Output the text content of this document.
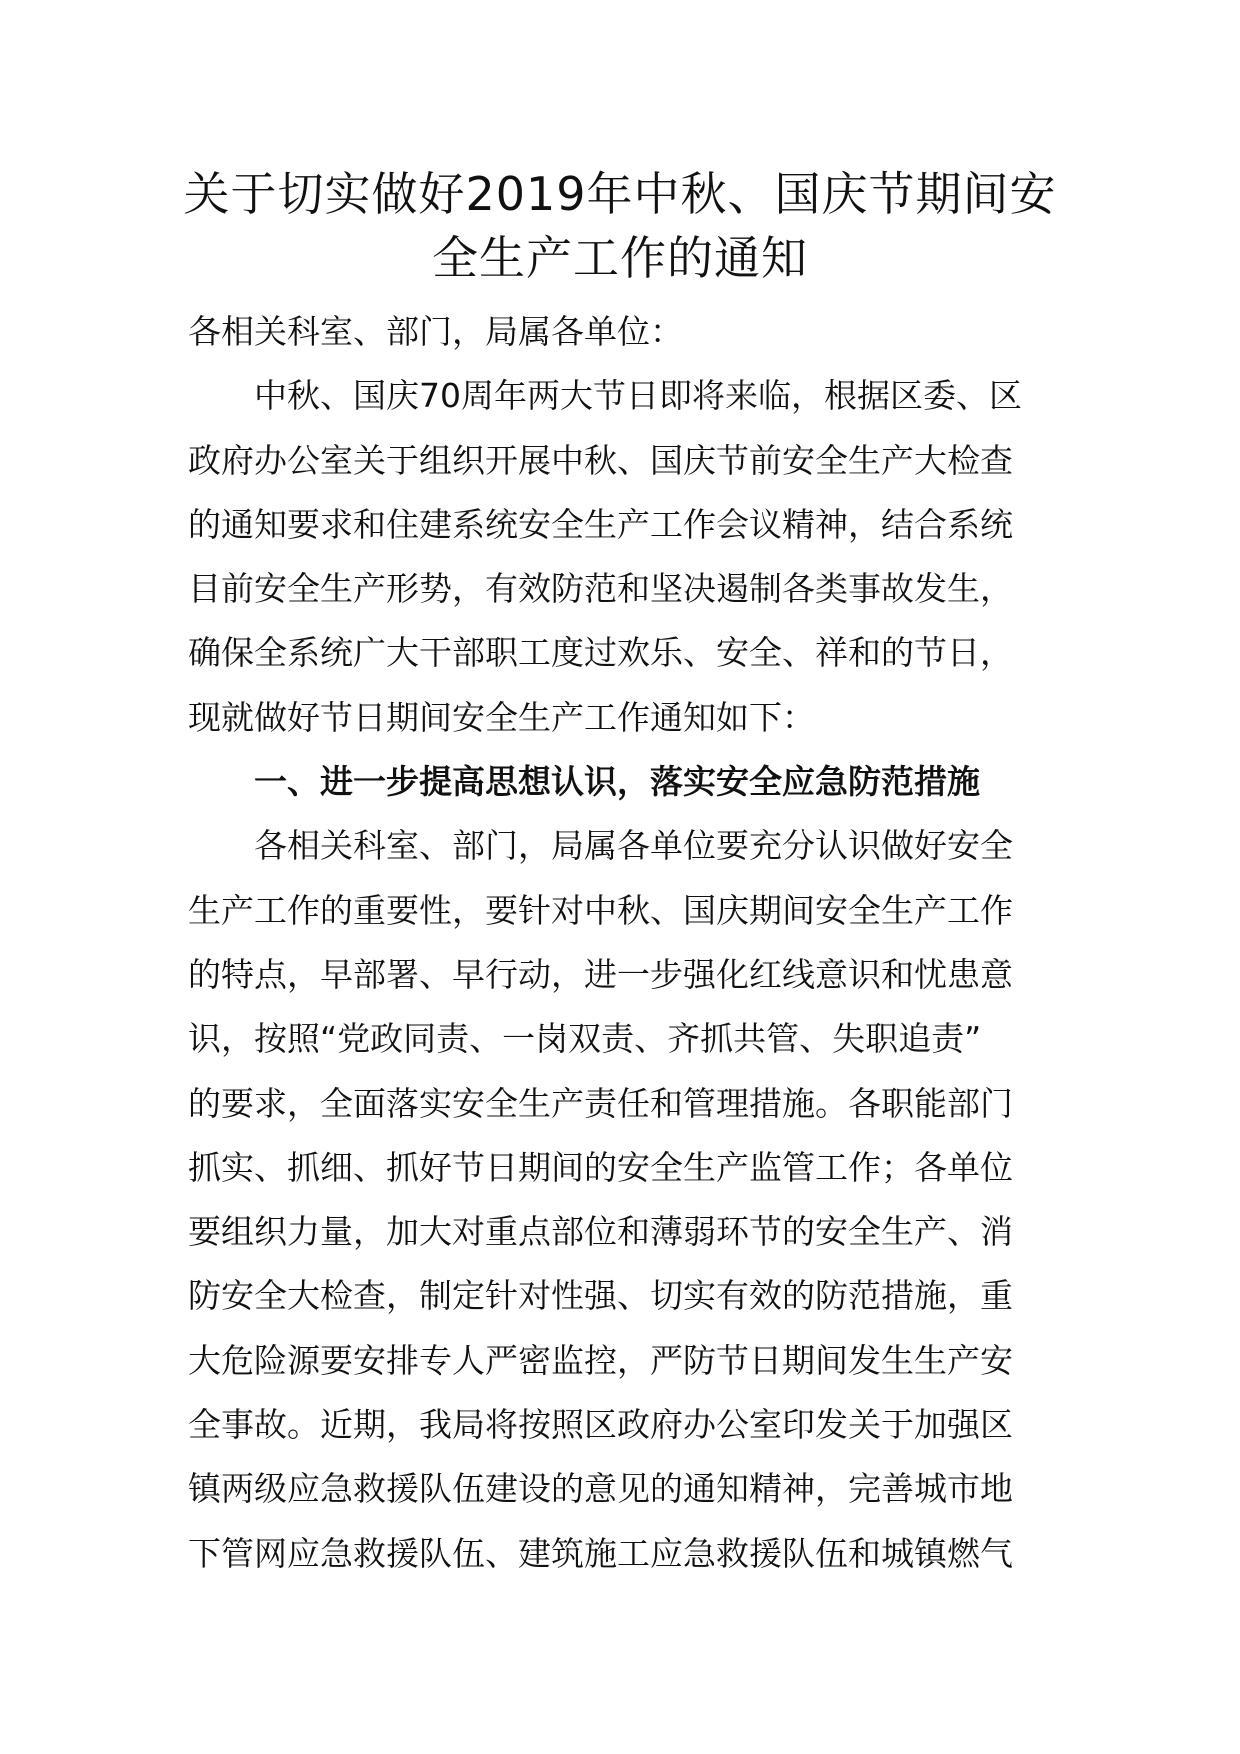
关于切实做好2019年中秋、国庆节期间安
全生产工作的通知
各相关科室、部门，局属各单位：
中秋、国庆70周年两大节日即将来临，根据区委、区
政府办公室关于组织开展中秋、国庆节前安全生产大检查
的通知要求和住建系统安全生产工作会议精神，结合系统
目前安全生产形势，有效防范和坚决遏制各类事故发生，
确保全系统广大干部职工度过欢乐、安全、祥和的节日，
现就做好节日期间安全生产工作通知如下：
一、进一步提高思想认识，落实安全应急防范措施
各相关科室、部门，局属各单位要充分认识做好安全
生产工作的重要性，要针对中秋、国庆期间安全生产工作
的特点，早部署、早行动，进一步强化红线意识和忧患意
识，按照“党政同责、一岗双责、齐抓共管、失职追责”
的要求，全面落实安全生产责任和管理措施。各职能部门
抓实、抓细、抓好节日期间的安全生产监管工作；各单位
要组织力量，加大对重点部位和薄弱环节的安全生产、消
防安全大检查，制定针对性强、切实有效的防范措施，重
大危险源要安排专人严密监控，严防节日期间发生生产安
全事故。近期，我局将按照区政府办公室印发关于加强区
镇两级应急救援队伍建设的意见的通知精神，完善城市地
下管网应急救援队伍、建筑施工应急救援队伍和城镇燃气
